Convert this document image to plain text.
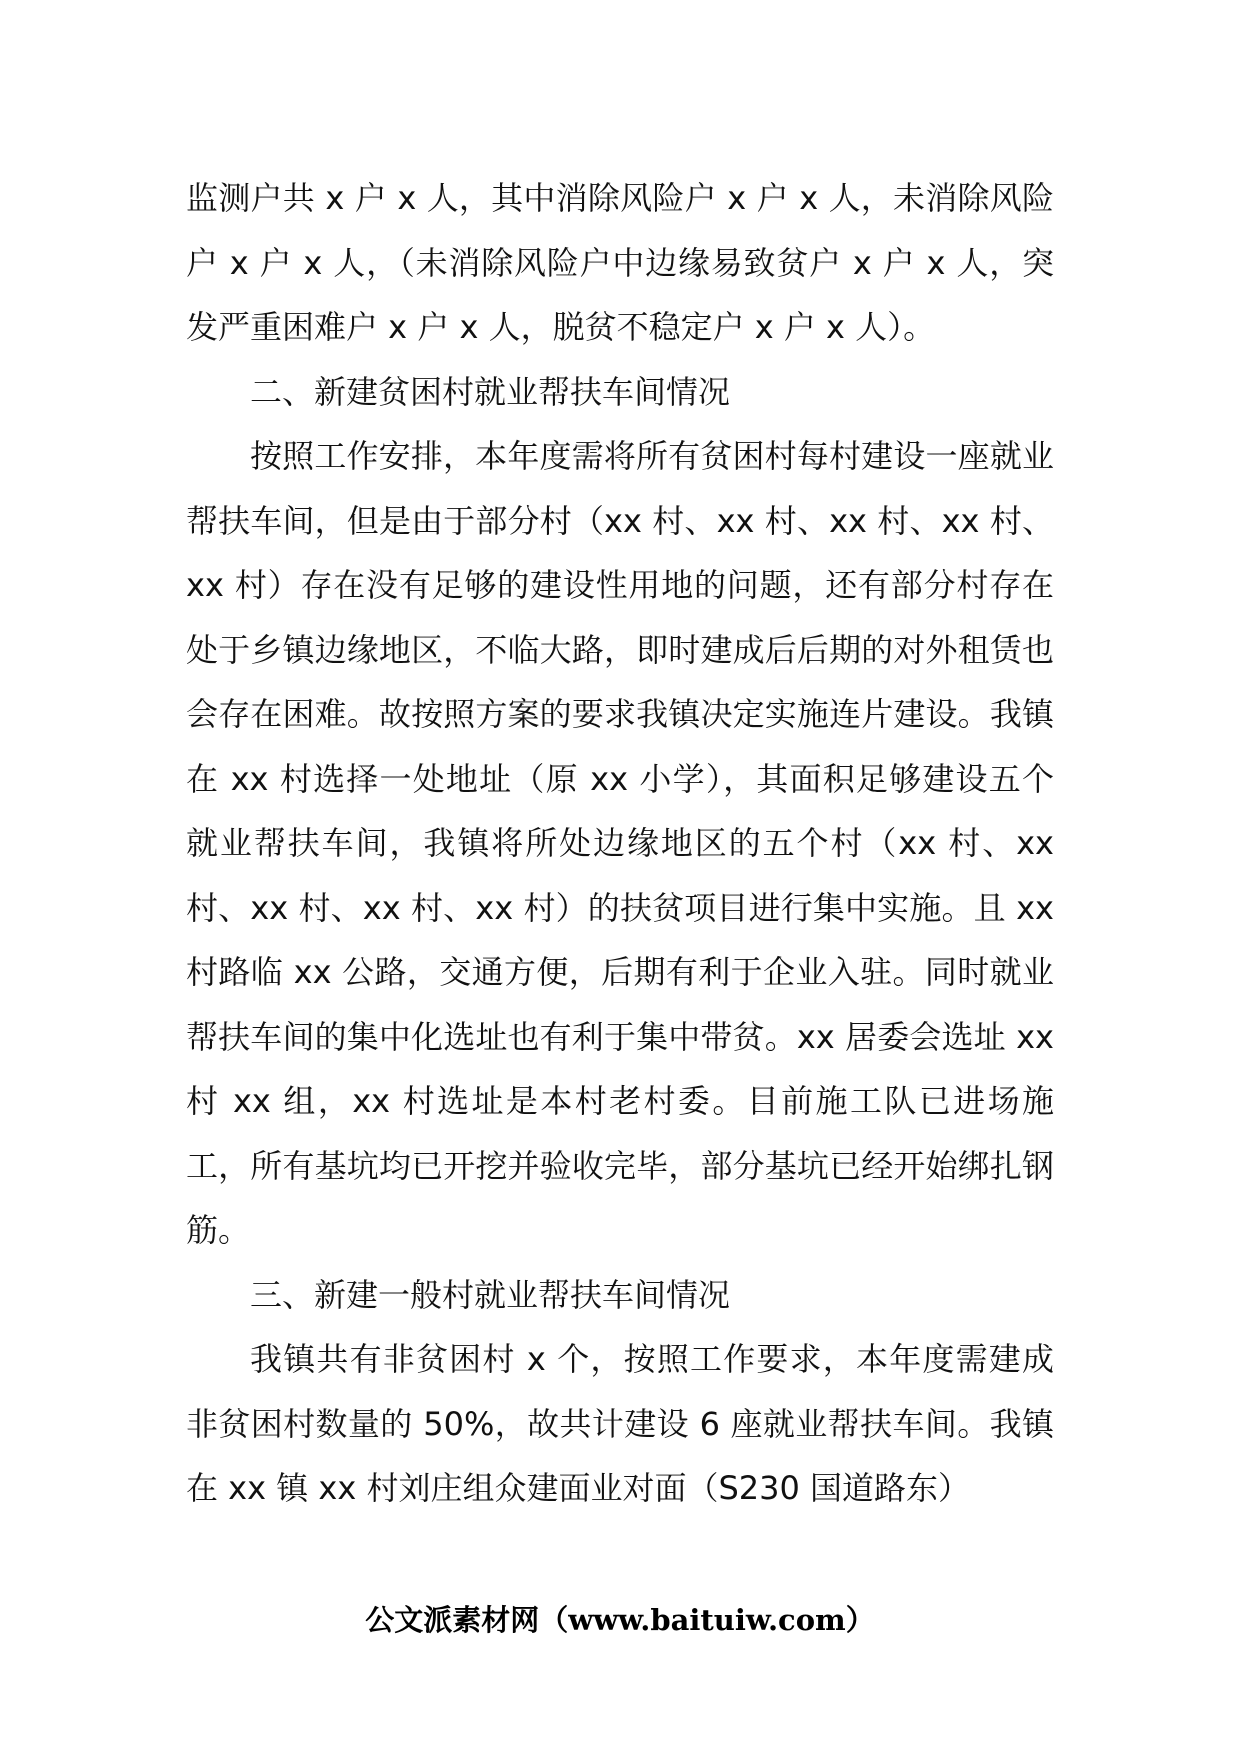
监测户共 x 户 x 人，其中消除风险户 x 户 x 人，未消除风险户 x 户 x 人，（未消除风险户中边缘易致贫户 x 户 x 人，突发严重困难户 x 户 x 人，脱贫不稳定户 x 户 x 人）。

二、新建贫困村就业帮扶车间情况

按照工作安排，本年度需将所有贫困村每村建设一座就业帮扶车间，但是由于部分村（xx 村、xx 村、xx 村、xx 村、xx 村）存在没有足够的建设性用地的问题，还有部分村存在处于乡镇边缘地区，不临大路，即时建成后后期的对外租赁也会存在困难。故按照方案的要求我镇决定实施连片建设。我镇在 xx 村选择一处地址（原 xx 小学），其面积足够建设五个就业帮扶车间，我镇将所处边缘地区的五个村（xx 村、xx 村、xx 村、xx 村、xx 村）的扶贫项目进行集中实施。且 xx 村路临 xx 公路，交通方便，后期有利于企业入驻。同时就业帮扶车间的集中化选址也有利于集中带贫。xx 居委会选址 xx 村 xx 组，xx 村选址是本村老村委。目前施工队已进场施工，所有基坑均已开挖并验收完毕，部分基坑已经开始绑扎钢筋。

三、新建一般村就业帮扶车间情况

我镇共有非贫困村 x 个，按照工作要求，本年度需建成非贫困村数量的 50%，故共计建设 6 座就业帮扶车间。我镇在 xx 镇 xx 村刘庄组众建面业对面（S230 国道路东）

公文派素材网（www.baituiw.com）
